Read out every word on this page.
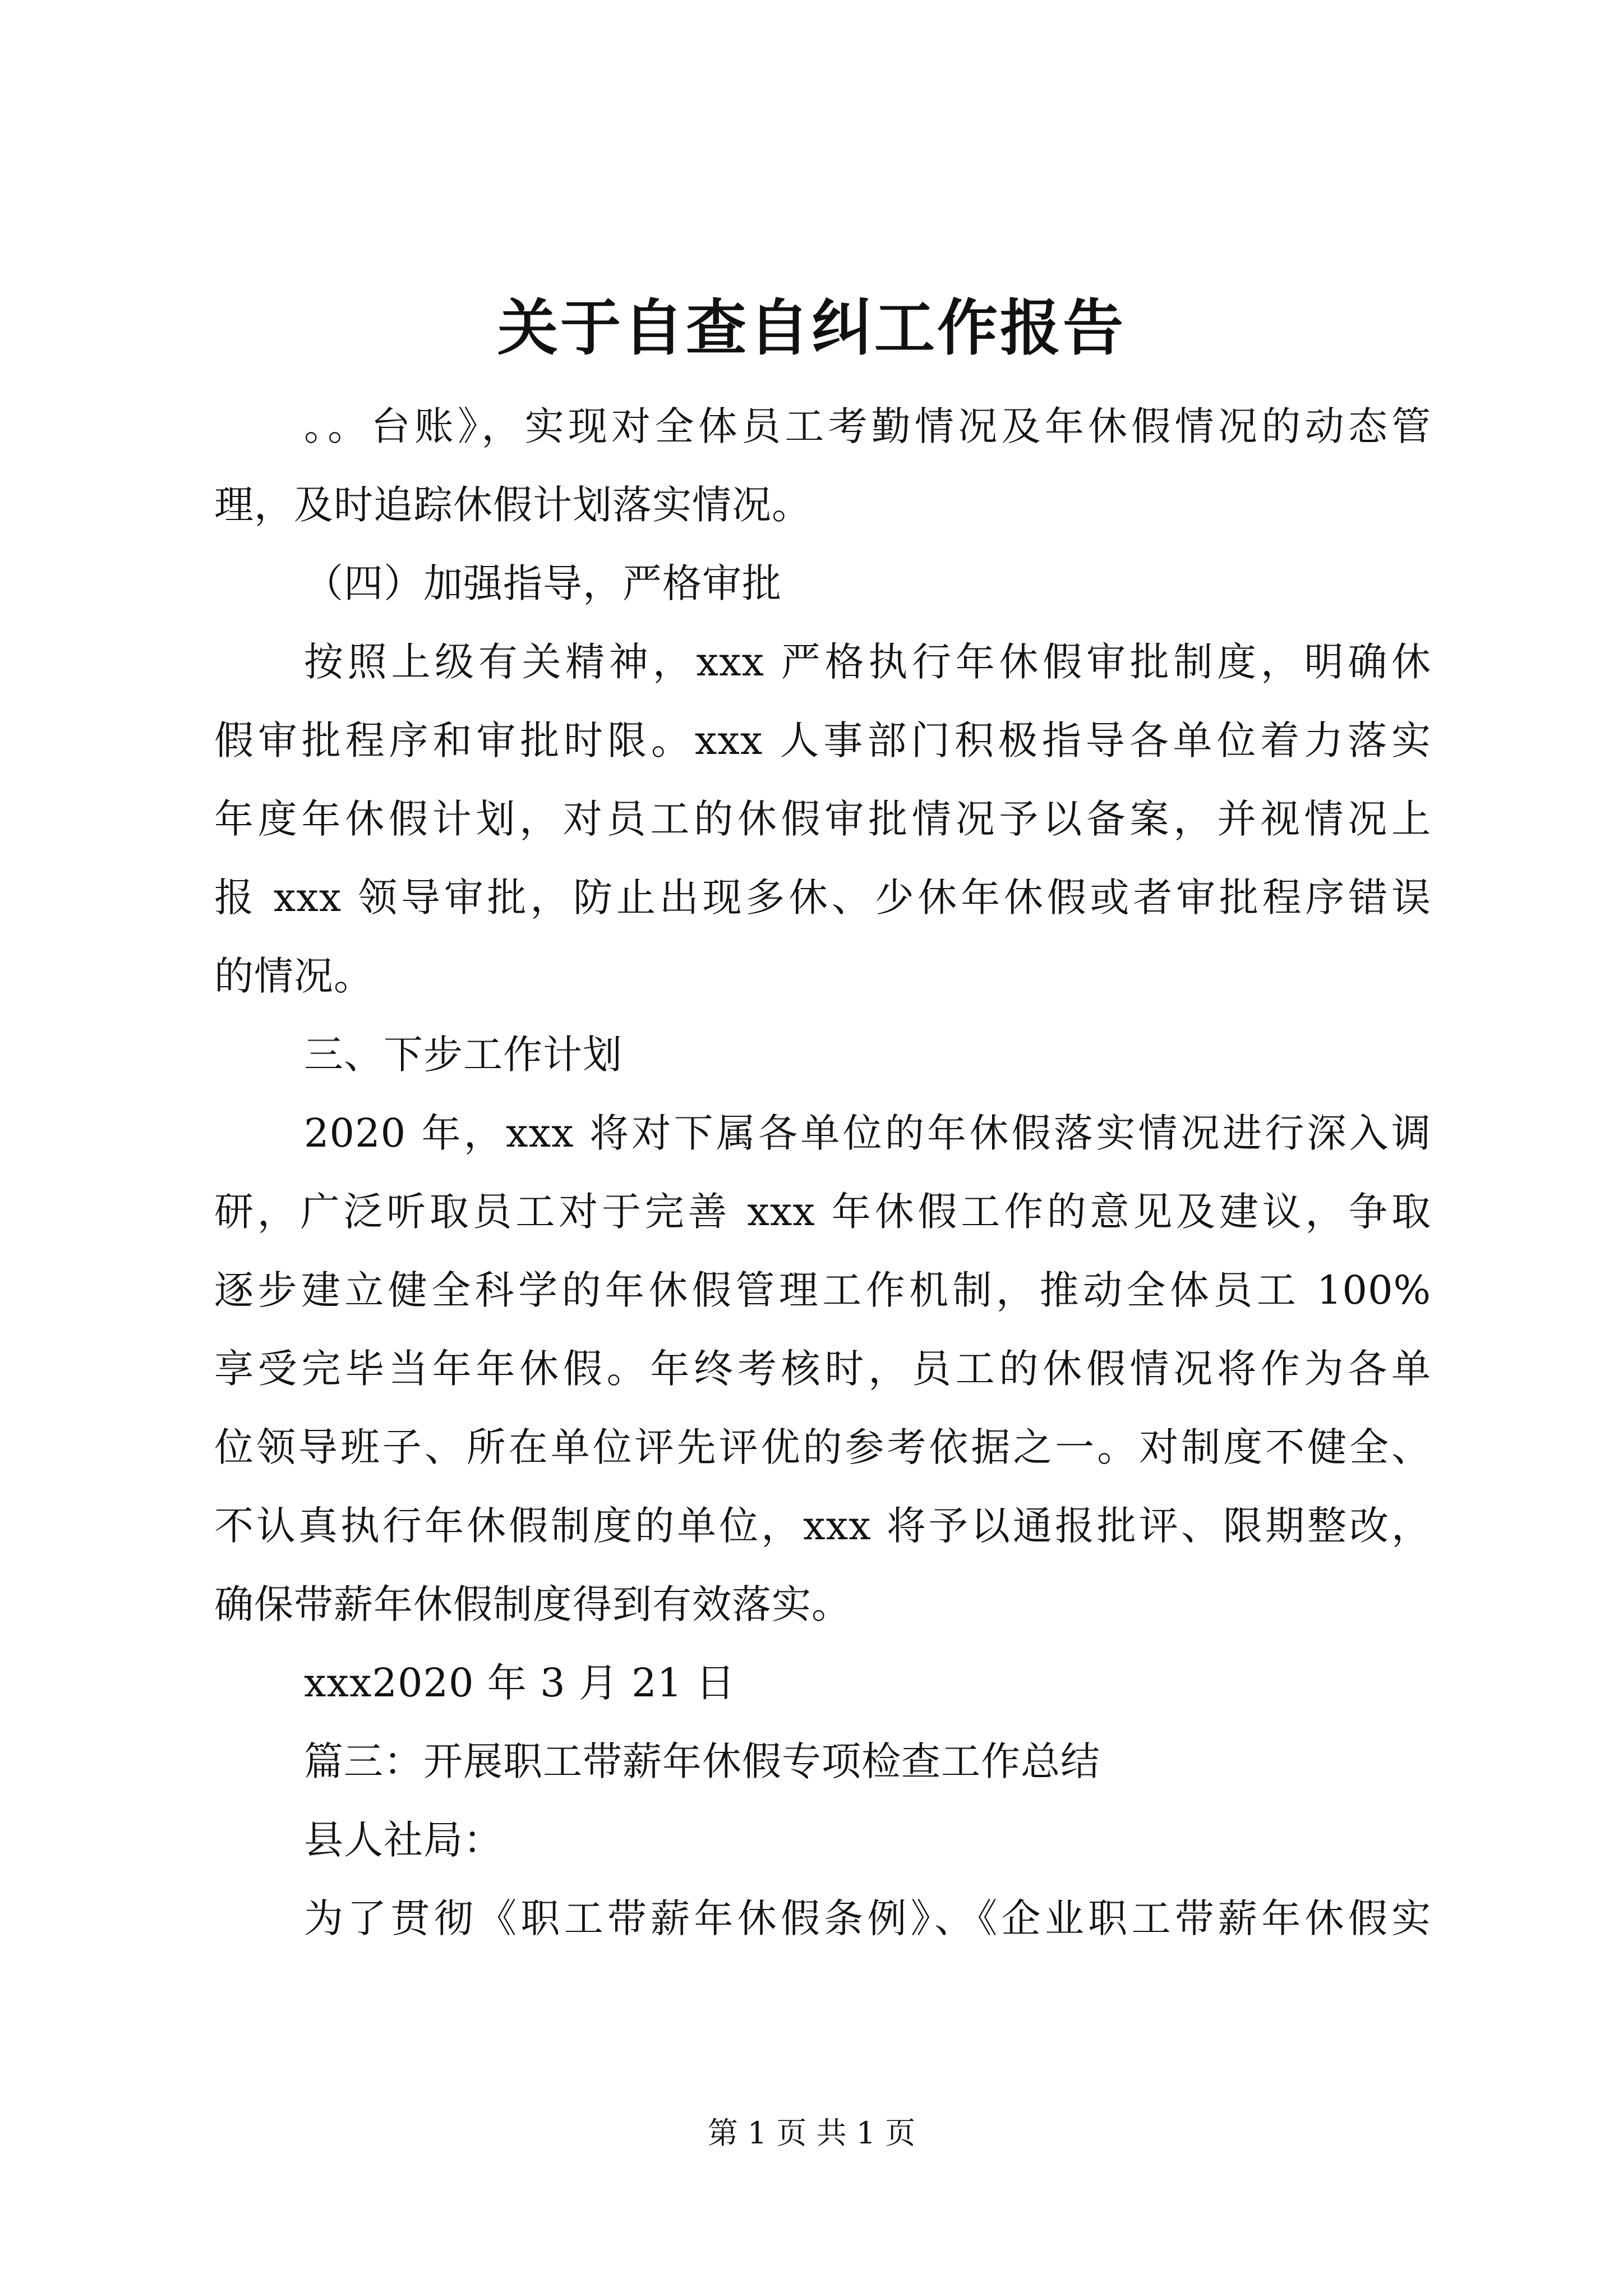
关于自查自纠工作报告
。。台账》，实现对全体员工考勤情况及年休假情况的动态管
理，及时追踪休假计划落实情况。
（四）加强指导，严格审批
按照上级有关精神，xxx 严格执行年休假审批制度，明确休
假审批程序和审批时限。xxx 人事部门积极指导各单位着力落实
年度年休假计划，对员工的休假审批情况予以备案，并视情况上
报 xxx 领导审批，防止出现多休、少休年休假或者审批程序错误
的情况。
三、下步工作计划
2020 年，xxx 将对下属各单位的年休假落实情况进行深入调
研，广泛听取员工对于完善 xxx 年休假工作的意见及建议，争取
逐步建立健全科学的年休假管理工作机制，推动全体员工 100%
享受完毕当年年休假。年终考核时，员工的休假情况将作为各单
位领导班子、所在单位评先评优的参考依据之一。对制度不健全、
不认真执行年休假制度的单位，xxx 将予以通报批评、限期整改，
确保带薪年休假制度得到有效落实。
xxx2020 年 3 月 21 日
篇三：开展职工带薪年休假专项检查工作总结
县人社局：
为了贯彻《职工带薪年休假条例》、《企业职工带薪年休假实
第 1 页 共 1 页
